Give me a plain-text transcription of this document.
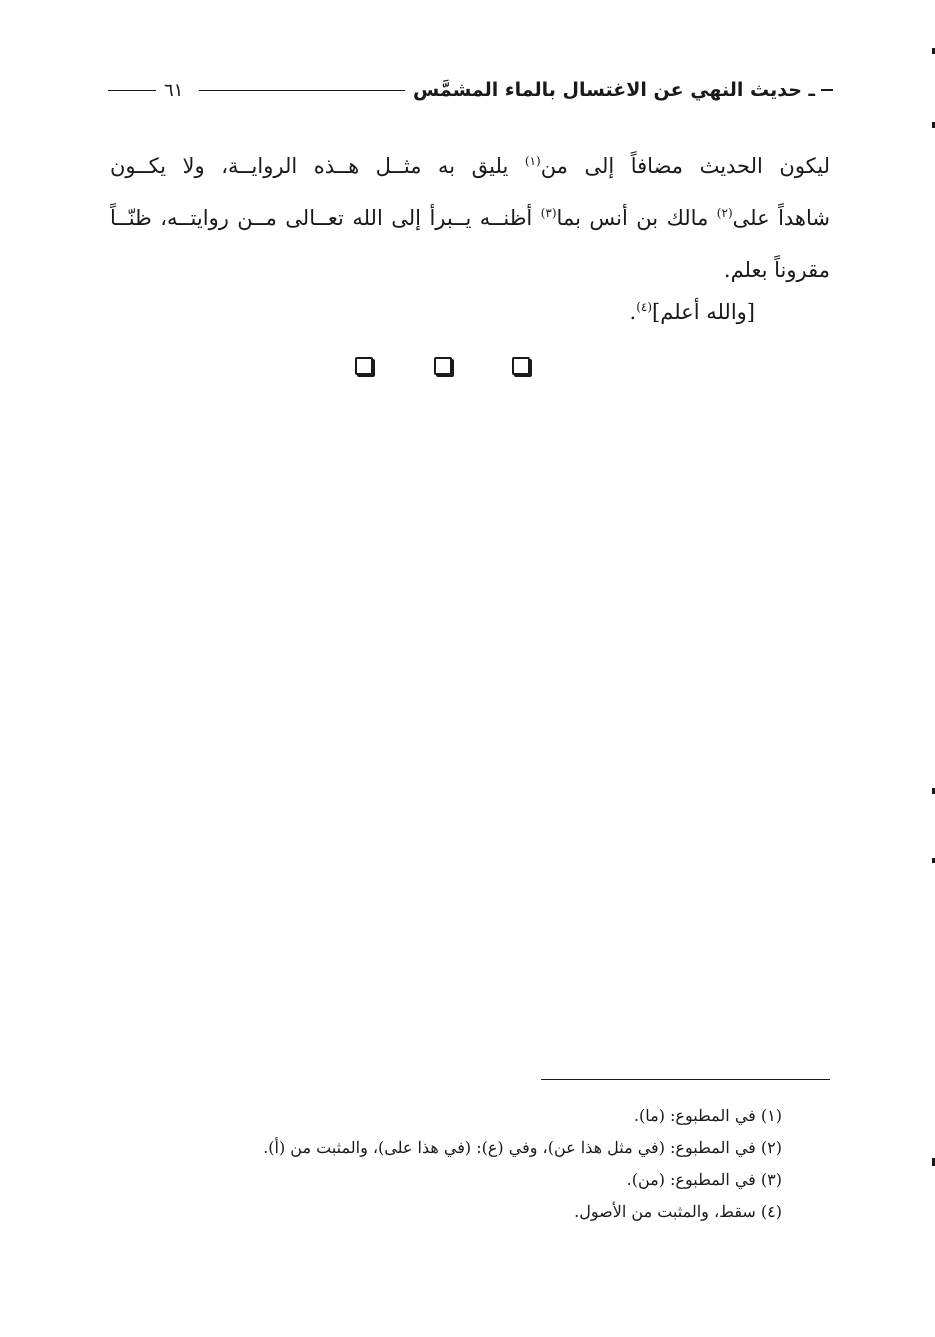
ـ حديث النهي عن الاغتسال بالماء المشمَّس
٦١
ليكون الحديث مضافاً إلى من$^{(١)}$ يليق به مثــل هــذه الروايــة، ولا يكــون
شاهداً على$^{(٢)}$ مالك بن أنس بما$^{(٣)}$ أظنــه يــبرأ إلى الله تعــالى مــن روايتــه، ظنّــاً
مقروناً بعلم.
[والله أعلم]$^{(٤)}$.
(١) في المطبوع: (ما).
(٢) في المطبوع: (في مثل هذا عن)، وفي (ع): (في هذا على)، والمثبت من (أ).
(٣) في المطبوع: (من).
(٤) سقط، والمثبت من الأصول.
